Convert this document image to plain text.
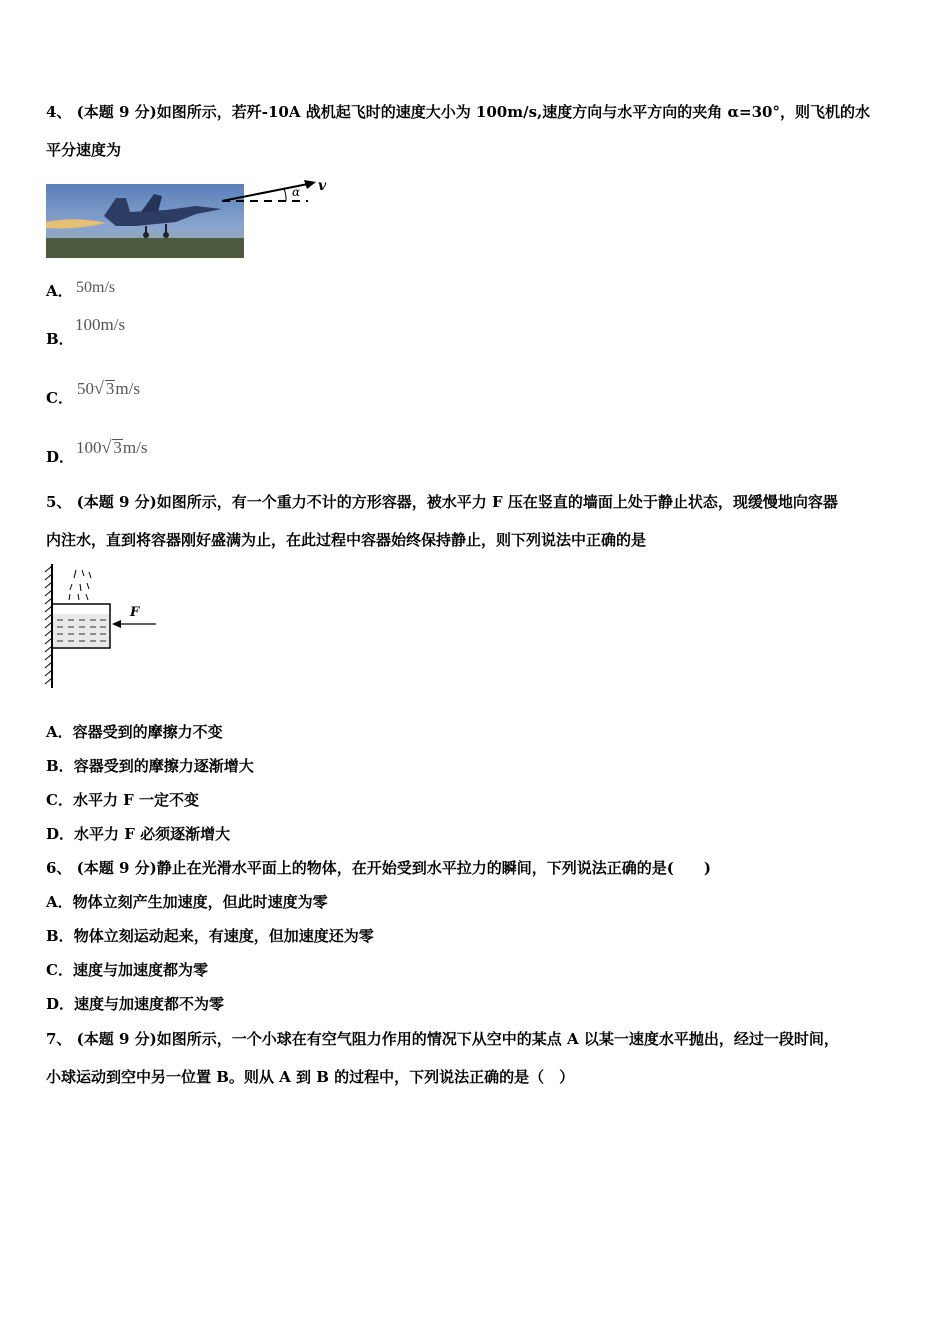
4、 (本题 9 分)如图所示，若歼-10A 战机起飞时的速度大小为 100m/s,速度方向与水平方向的夹角 α=30°，则飞机的水
平分速度为
α v
A． 50m/s
B．
100m/s
C． 50√ 3m/s
D． 100√ 3m/s
5、 (本题 9 分)如图所示，有一个重力不计的方形容器，被水平力 F 压在竖直的墙面上处于静止状态，现缓慢地向容器
内注水，直到将容器刚好盛满为止，在此过程中容器始终保持静止，则下列说法中正确的是
F
A．容器受到的摩擦力不变
B．容器受到的摩擦力逐渐增大
C．水平力 F 一定不变
D．水平力 F 必须逐渐增大
6、 (本题 9 分)静止在光滑水平面上的物体，在开始受到水平拉力的瞬间，下列说法正确的是(　　)
A．物体立刻产生加速度，但此时速度为零
B．物体立刻运动起来，有速度，但加速度还为零
C．速度与加速度都为零
D．速度与加速度都不为零
7、 (本题 9 分)如图所示，一个小球在有空气阻力作用的情况下从空中的某点 A 以某一速度水平抛出，经过一段时间，
小球运动到空中另一位置 B。则从 A 到 B 的过程中，下列说法正确的是（　）
